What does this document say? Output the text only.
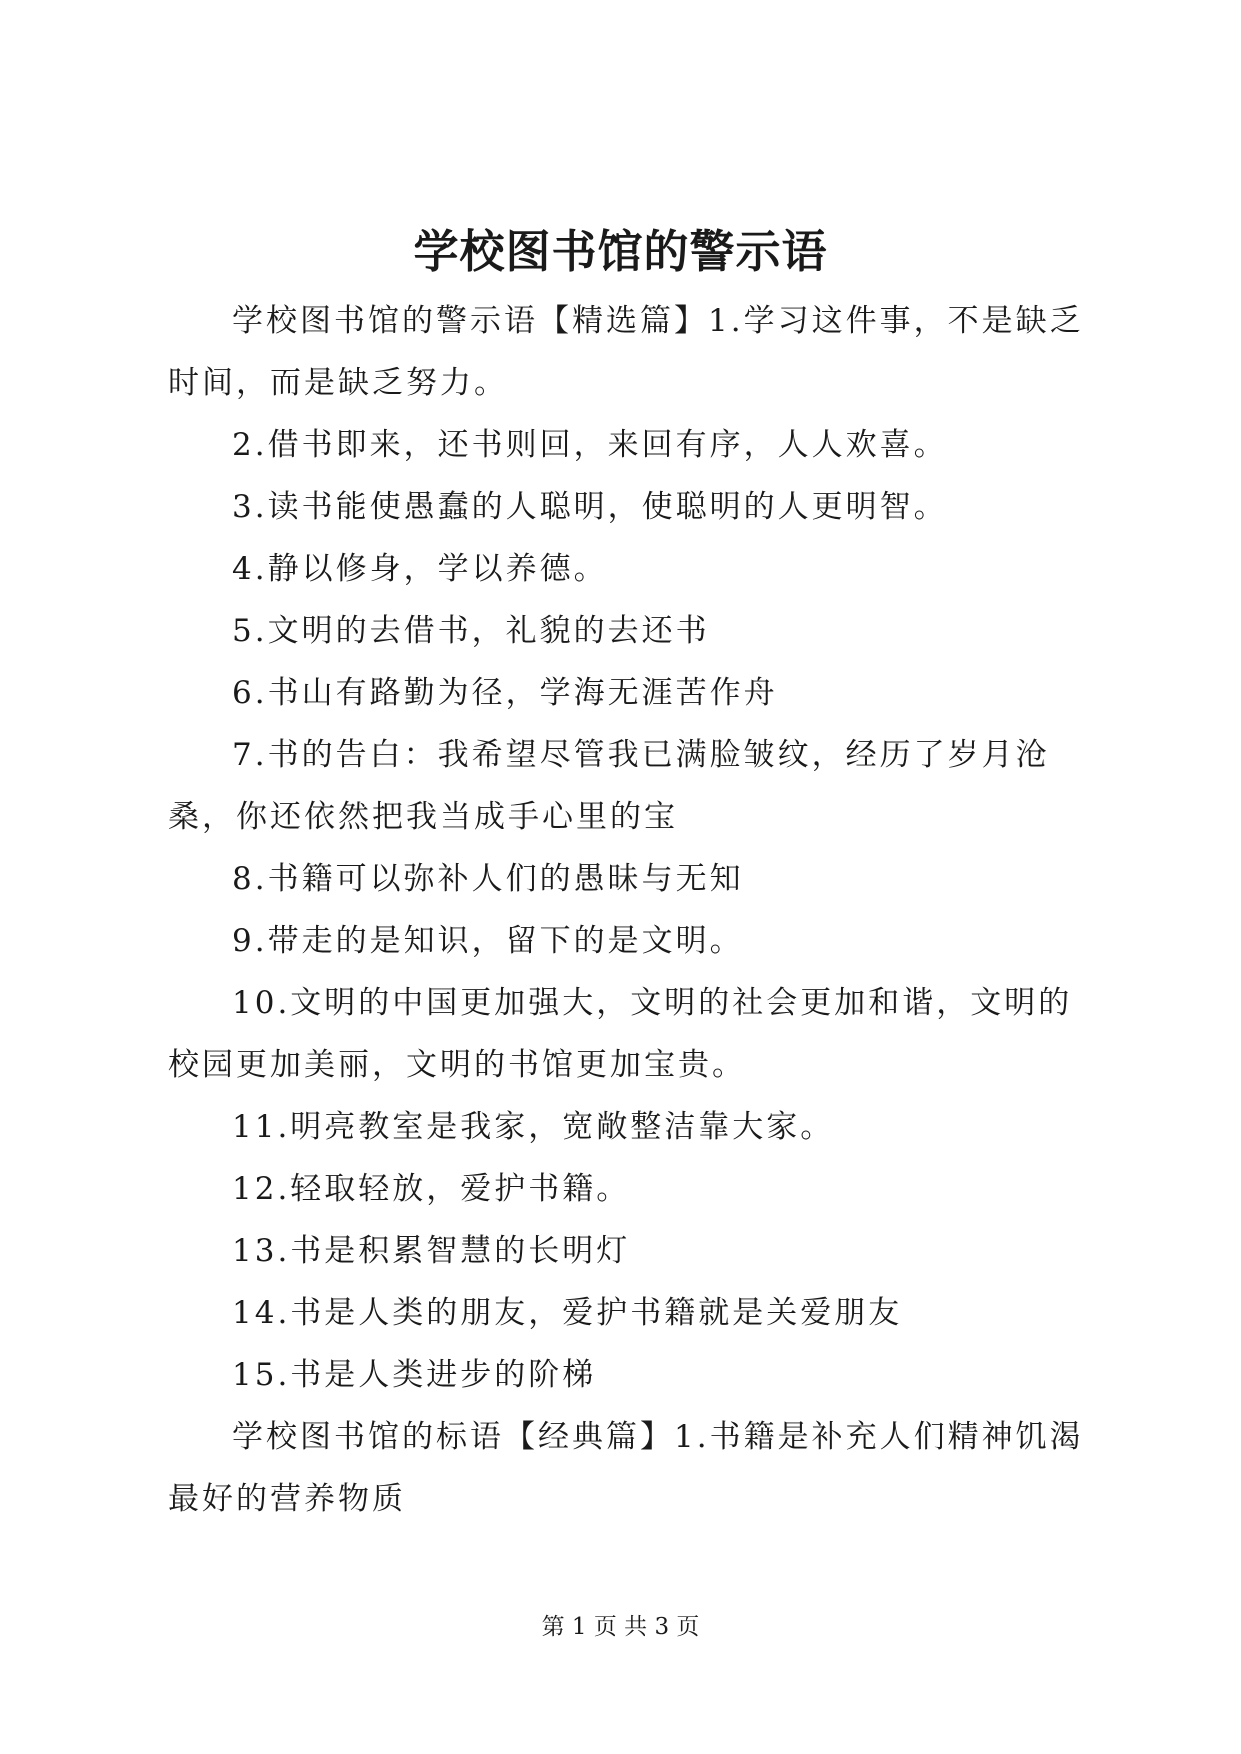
学校图书馆的警示语

学校图书馆的警示语【精选篇】1.学习这件事，不是缺乏时间，而是缺乏努力。

2.借书即来，还书则回，来回有序，人人欢喜。

3.读书能使愚蠢的人聪明，使聪明的人更明智。

4.静以修身，学以养德。

5.文明的去借书，礼貌的去还书

6.书山有路勤为径，学海无涯苦作舟

7.书的告白：我希望尽管我已满脸皱纹，经历了岁月沧桑，你还依然把我当成手心里的宝

8.书籍可以弥补人们的愚昧与无知

9.带走的是知识，留下的是文明。

10.文明的中国更加强大，文明的社会更加和谐，文明的校园更加美丽，文明的书馆更加宝贵。

11.明亮教室是我家，宽敞整洁靠大家。

12.轻取轻放，爱护书籍。

13.书是积累智慧的长明灯

14.书是人类的朋友，爱护书籍就是关爱朋友

15.书是人类进步的阶梯

学校图书馆的标语【经典篇】1.书籍是补充人们精神饥渴最好的营养物质

第 1 页 共 3 页
